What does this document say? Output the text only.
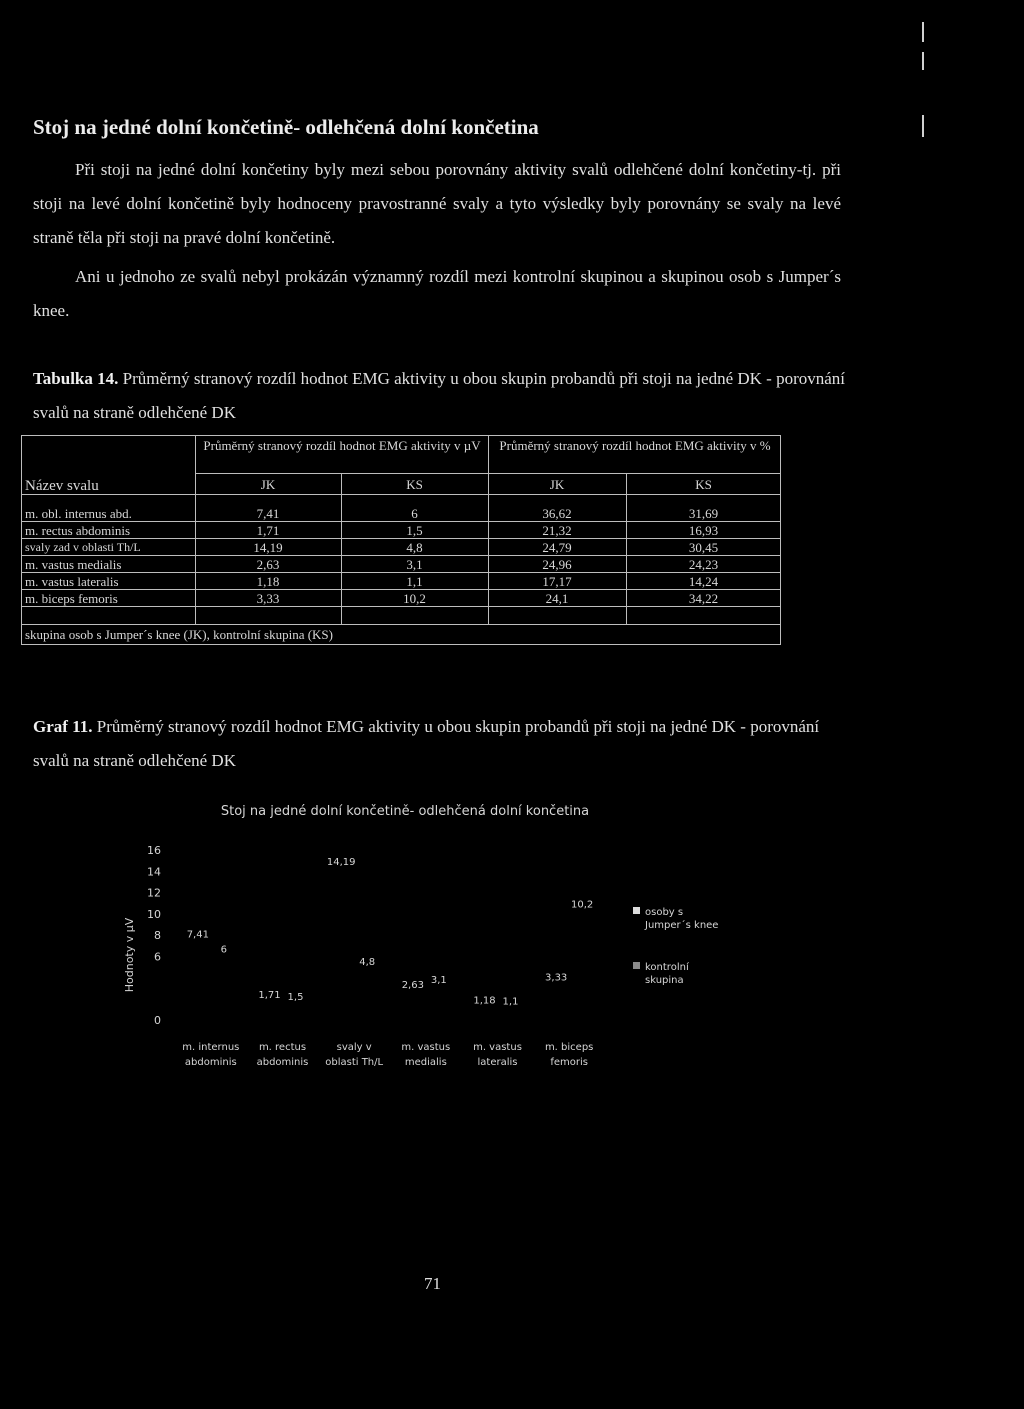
Stoj na jedné dolní končetině- odlehčená dolní končetina
Při stoji na jedné dolní končetiny byly mezi sebou porovnány aktivity svalů odlehčené dolní končetiny-tj. při stoji na levé dolní končetině byly hodnoceny pravostranné svaly a tyto výsledky byly porovnány se svaly na levé straně těla při stoji na pravé dolní končetině.
Ani u jednoho ze svalů nebyl prokázán významný rozdíl mezi kontrolní skupinou a skupinou osob s Jumper´s knee.
Tabulka 14. Průměrný stranový rozdíl hodnot EMG aktivity u obou skupin probandů při stoji na jedné DK - porovnání svalů na straně odlehčené DK
Průměrný stranový rozdíl hodnot EMG aktivity v µV	Průměrný stranový rozdíl hodnot EMG aktivity v %
Název svalu	JK	KS	JK	KS
m. obl. internus abd.	7,41	6	36,62	31,69
m. rectus abdominis	1,71	1,5	21,32	16,93
svaly zad v oblasti Th/L	14,19	4,8	24,79	30,45
m. vastus medialis	2,63	3,1	24,96	24,23
m. vastus lateralis	1,18	1,1	17,17	14,24
m. biceps femoris	3,33	10,2	24,1	34,22
skupina osob s Jumper´s knee (JK), kontrolní skupina (KS)
Graf 11. Průměrný stranový rozdíl hodnot EMG aktivity u obou skupin probandů při stoji na jedné DK - porovnání svalů na straně odlehčené DK
Stoj na jedné dolní končetině- odlehčená dolní končetina
Hodnoty v µV
0
6
8
10
12
14
16
7,41
6
1,71 1,5
14,19
4,8
2,63 3,1
1,18 1,1
3,33
10,2
m. internus
abdominis
m. rectus
abdominis
svaly v
oblasti Th/L
m. vastus
medialis
m. vastus
lateralis
m. biceps
femoris
osoby s
Jumper´s knee
kontrolní
skupina
71
